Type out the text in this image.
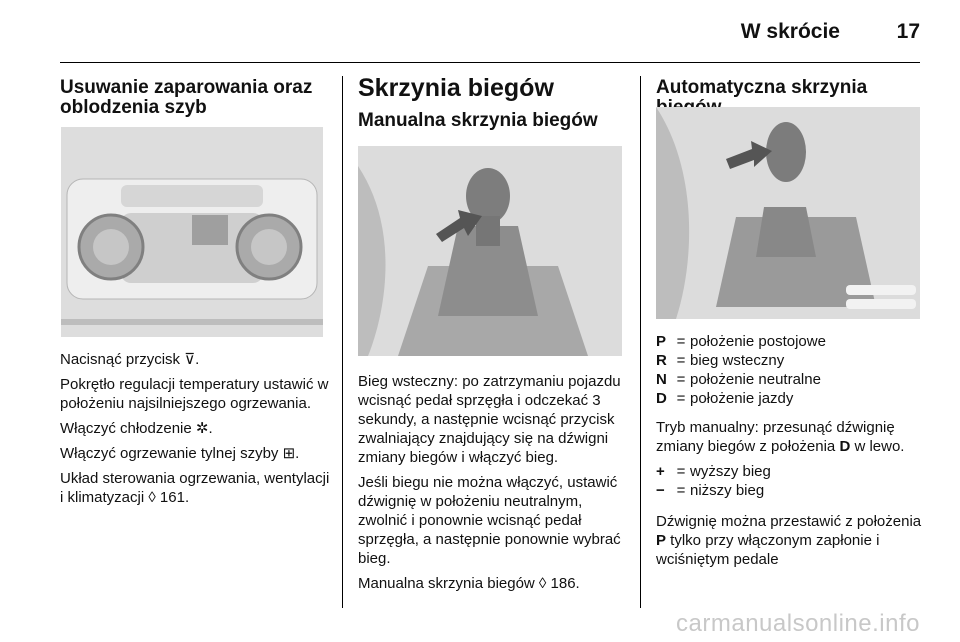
W skrócie	17

Usuwanie zaparowania oraz oblodzenia szyb

Nacisnąć przycisk ⊽.

Pokrętło regulacji temperatury ustawić w położeniu najsilniejszego ogrzewania.

Włączyć chłodzenie ✲.

Włączyć ogrzewanie tylnej szyby ⊞.

Układ sterowania ogrzewania, wentylacji i klimatyzacji ◊ 161.

Skrzynia biegów

Manualna skrzynia biegów

Bieg wsteczny: po zatrzymaniu pojazdu wcisnąć pedał sprzęgła i odczekać 3 sekundy, a następnie wcisnąć przycisk zwalniający znajdujący się na dźwigni zmiany biegów i włączyć bieg.

Jeśli biegu nie można włączyć, ustawić dźwignię w położeniu neutralnym, zwolnić i ponownie wcisnąć pedał sprzęgła, a następnie ponownie wybrać bieg.

Manualna skrzynia biegów ◊ 186.

Automatyczna skrzynia

P = położenie postojowe
R = bieg wsteczny
N = położenie neutralne
D = położenie jazdy

Tryb manualny: przesunąć dźwignię zmiany biegów z położenia D w lewo.

+ = wyższy bieg
− = niższy bieg

Dźwignię można przestawić z położenia P tylko przy włączonym zapłonie i wciśniętym pedale

carmanualsonline.info
